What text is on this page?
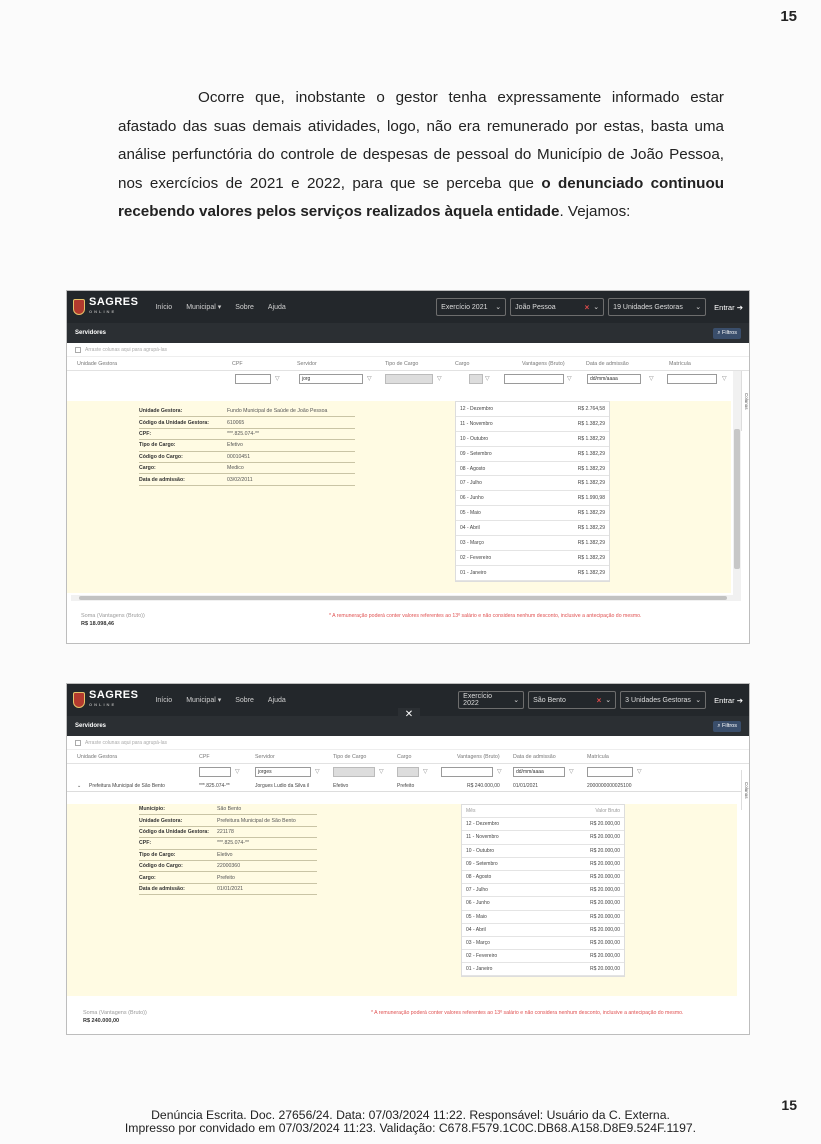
15

Ocorre que, inobstante o gestor tenha expressamente informado estar afastado das suas demais atividades, logo, não era remunerado por estas, basta uma análise perfunctória do controle de despesas de pessoal do Município de João Pessoa, nos exercícios de 2021 e 2022, para que se perceba que o denunciado continuou recebendo valores pelos serviços realizados àquela entidade. Vejamos:

SAGRES
ONLINE
Início Municipal ▾ Sobre Ajuda	Exercício 2021 ⌄ João Pessoa	× ⌄ 19 Unidades Gestoras ⌄ Entrar ➔
Servidores	⌕ Filtros
Arraste colunas aqui para agrupá-las
Unidade Gestora	CPF	Servidor	Tipo de Cargo	Cargo	Vantagens (Bruto)	Data de admissão	Matrícula
▽	jorg	▽	▽	▽	▽	dd/mm/aaaa	▽	▽
Unidade Gestora:	Fundo Municipal de Saúde de João Pessoa
Código da Unidade Gestora:	610065
CPF:	***.825.074-**
Tipo de Cargo:	Efetivo
Código do Cargo:	00010451
Cargo:	Medico
Data de admissão:	03/02/2011
12 - Dezembro	R$ 2.764,58
11 - Novembro	R$ 1.382,29
10 - Outubro	R$ 1.382,29
09 - Setembro	R$ 1.382,29
08 - Agosto	R$ 1.382,29
07 - Julho	R$ 1.382,29
06 - Junho	R$ 1.990,98
05 - Maio	R$ 1.382,29
04 - Abril	R$ 1.382,29
03 - Março	R$ 1.382,29
02 - Fevereiro	R$ 1.382,29
01 - Janeiro	R$ 1.382,29
Colunas
Soma (Vantagens (Bruto))
R$ 18.098,46
* A remuneração poderá conter valores referentes ao 13º salário e não considera nenhum desconto, inclusive a antecipação do mesmo.
SAGRES
ONLINE
Início Municipal ▾ Sobre Ajuda	Exercício 2022	⌄ São Bento	× ⌄ 3 Unidades Gestoras ⌄ Entrar ➔
✕
Servidores	⌕ Filtros
Arraste colunas aqui para agrupá-las
Unidade Gestora	CPF	Servidor	Tipo de Cargo	Cargo	Vantagens (Bruto)	Data de admissão	Matrícula
▽	jorges	▽	▽	▽	▽	dd/mm/aaaa	▽	▽
⌄ Prefeitura Municipal de São Bento	***.825.074-**	Jorgues Ludio da Silva il	Efetivo	Prefeito	R$ 240.000,00	01/01/2021	2000000000025100
Município:	São Bento
Unidade Gestora:	Prefeitura Municipal de São Bento
Código da Unidade Gestora:	221178
CPF:	***.825.074-**
Tipo de Cargo:	Eletivo
Código do Cargo:	22000360
Cargo:	Prefeito
Data de admissão:	01/01/2021
Mês	Valor Bruto
12 - Dezembro	R$ 20.000,00
11 - Novembro	R$ 20.000,00
10 - Outubro	R$ 20.000,00
09 - Setembro	R$ 20.000,00
08 - Agosto	R$ 20.000,00
07 - Julho	R$ 20.000,00
06 - Junho	R$ 20.000,00
05 - Maio	R$ 20.000,00
04 - Abril	R$ 20.000,00
03 - Março	R$ 20.000,00
02 - Fevereiro	R$ 20.000,00
01 - Janeiro	R$ 20.000,00
Colunas
Soma (Vantagens (Bruto))
R$ 240.000,00
* A remuneração poderá conter valores referentes ao 13º salário e não considera nenhum desconto, inclusive a antecipação do mesmo.
15
Denúncia Escrita. Doc. 27656/24. Data: 07/03/2024 11:22. Responsável: Usuário da C. Externa.
Impresso por convidado em 07/03/2024 11:23. Validação: C678.F579.1C0C.DB68.A158.D8E9.524F.1197.
